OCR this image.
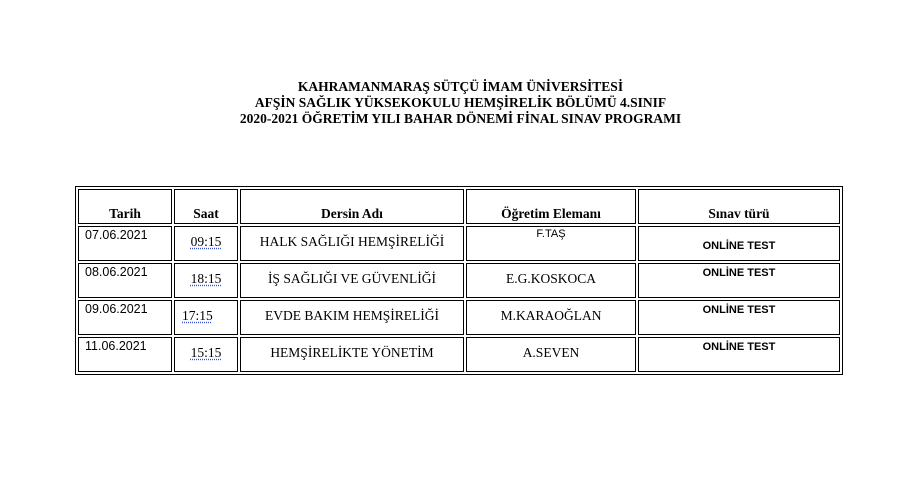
KAHRAMANMARAŞ SÜTÇÜ İMAM ÜNİVERSİTESİ
AFŞİN SAĞLIK YÜKSEKOKULU HEMŞİRELİK BÖLÜMÜ 4.SINIF
2020-2021 ÖĞRETİM YILI BAHAR DÖNEMİ FİNAL SINAV PROGRAMI
Tarih	Saat	Dersin Adı	Öğretim Elemanı	Sınav türü
07.06.2021	09:15	HALK SAĞLIĞI HEMŞİRELİĞİ	F.TAŞ	ONLİNE TEST
08.06.2021	18:15	İŞ SAĞLIĞI VE GÜVENLİĞİ	E.G.KOSKOCA	ONLİNE TEST
09.06.2021	17:15	EVDE BAKIM HEMŞİRELİĞİ	M.KARAOĞLAN	ONLİNE TEST
11.06.2021	15:15	HEMŞİRELİKTE YÖNETİM	A.SEVEN	ONLİNE TEST
